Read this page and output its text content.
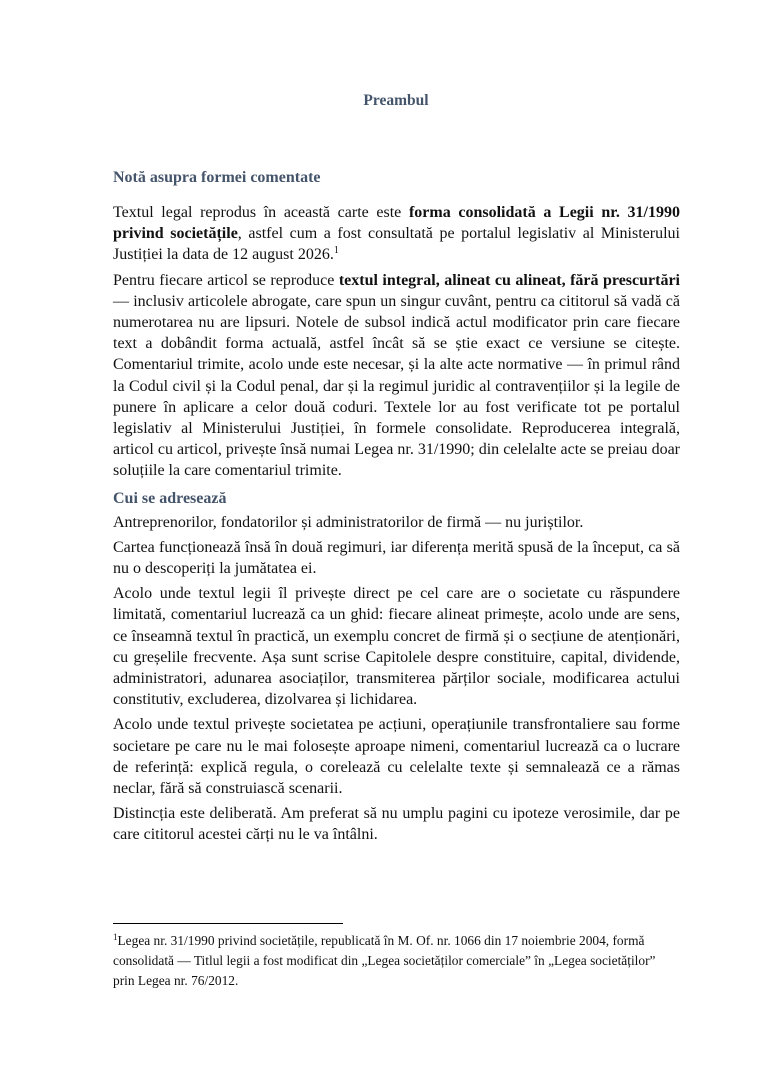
Preambul
Notă asupra formei comentate

Textul legal reprodus în această carte este forma consolidată a Legii nr. 31/1990 privind societățile, astfel cum a fost consultată pe portalul legislativ al Ministerului Justiției la data de 12 august 2026.$^1$

Pentru fiecare articol se reproduce textul integral, alineat cu alineat, fără prescurtări — inclusiv articolele abrogate, care spun un singur cuvânt, pentru ca cititorul să vadă că numerotarea nu are lipsuri. Notele de subsol indică actul modificator prin care fiecare text a dobândit forma actuală, astfel încât să se știe exact ce versiune se citește. Comentariul trimite, acolo unde este necesar, și la alte acte normative — în primul rând la Codul civil și la Codul penal, dar și la regimul juridic al contravențiilor și la legile de punere în aplicare a celor două coduri. Textele lor au fost verificate tot pe portalul legislativ al Ministerului Justiției, în formele consolidate. Reproducerea integrală, articol cu articol, privește însă numai Legea nr. 31/1990; din celelalte acte se preiau doar soluțiile la care comentariul trimite.

Cui se adresează

Antreprenorilor, fondatorilor și administratorilor de firmă — nu juriștilor.

Cartea funcționează însă în două regimuri, iar diferența merită spusă de la început, ca să nu o descoperiți la jumătatea ei.

Acolo unde textul legii îl privește direct pe cel care are o societate cu răspundere limitată, comentariul lucrează ca un ghid: fiecare alineat primește, acolo unde are sens, ce înseamnă textul în practică, un exemplu concret de firmă și o secțiune de atenționări, cu greșelile frecvente. Așa sunt scrise Capitolele despre constituire, capital, dividende, administratori, adunarea asociaților, transmiterea părților sociale, modificarea actului constitutiv, excluderea, dizolvarea și lichidarea.

Acolo unde textul privește societatea pe acțiuni, operațiunile transfrontaliere sau forme societare pe care nu le mai folosește aproape nimeni, comentariul lucrează ca o lucrare de referință: explică regula, o corelează cu celelalte texte și semnalează ce a rămas neclar, fără să construiască scenarii.

Distincția este deliberată. Am preferat să nu umplu pagini cu ipoteze verosimile, dar pe care cititorul acestei cărți nu le va întâlni.

$^1$Legea nr. 31/1990 privind societățile, republicată în M. Of. nr. 1066 din 17 noiembrie 2004, formă consolidată — Titlul legii a fost modificat din „Legea societăților comerciale” în „Legea societăților” prin Legea nr. 76/2012.
